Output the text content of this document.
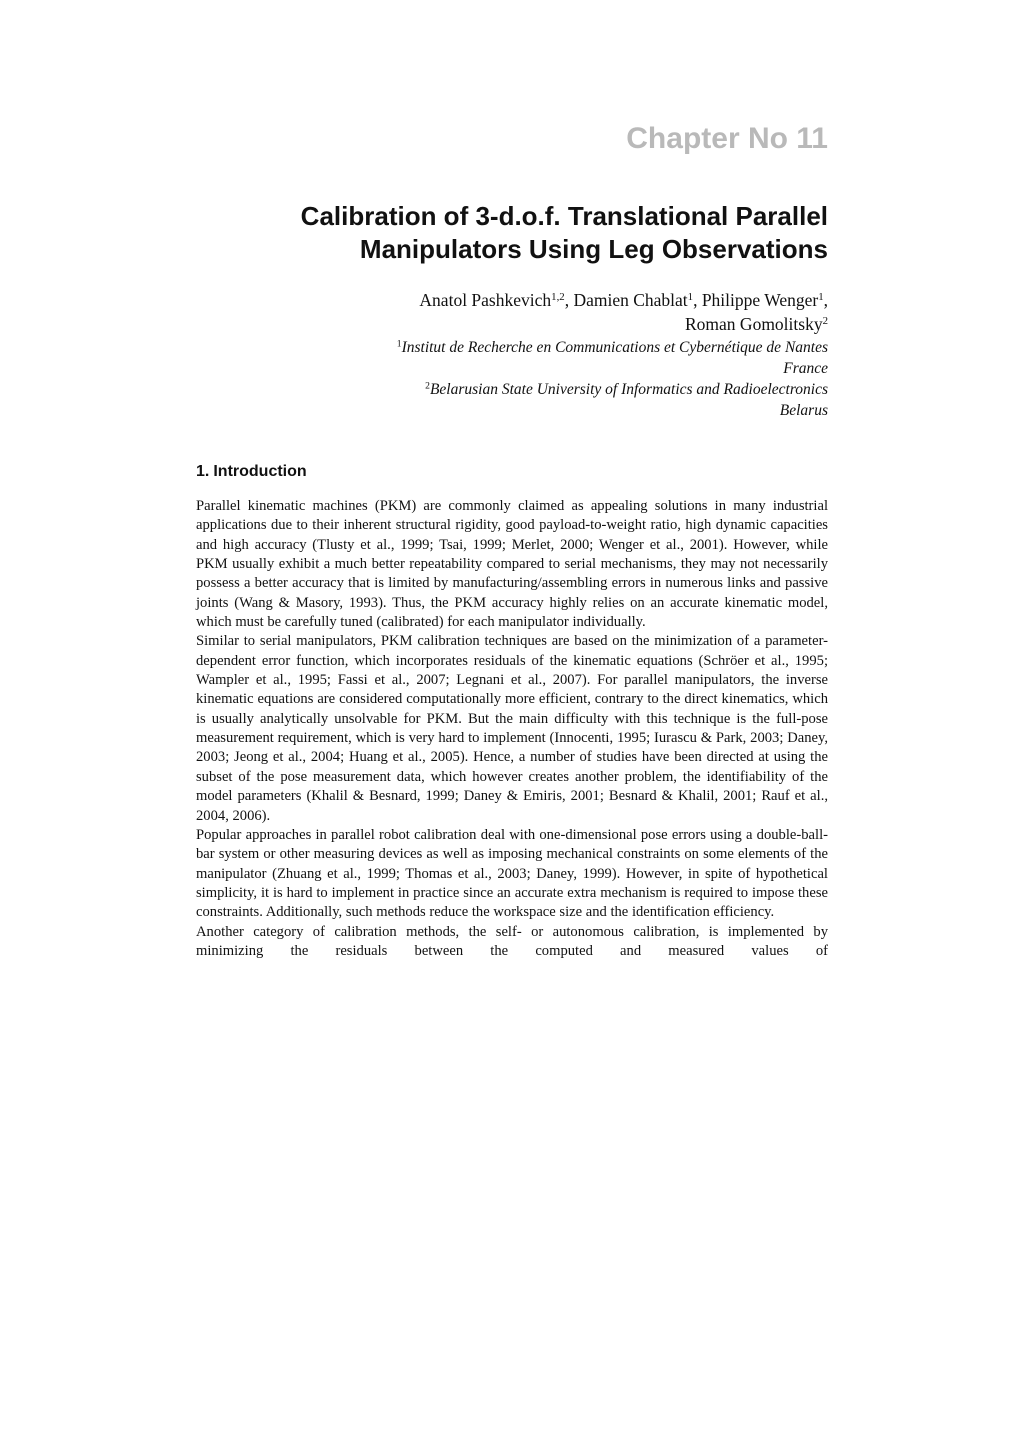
Chapter No 11
Calibration of 3-d.o.f. Translational Parallel
Manipulators Using Leg Observations
Anatol Pashkevich$^{1,2}$, Damien Chablat$^1$, Philippe Wenger$^1$,
Roman Gomolitsky$^2$
$^1$Institut de Recherche en Communications et Cybernétique de Nantes
France
$^2$Belarusian State University of Informatics and Radioelectronics
Belarus
1. Introduction

Parallel kinematic machines (PKM) are commonly claimed as appealing solutions in many industrial applications due to their inherent structural rigidity, good payload-to-weight ratio, high dynamic capacities and high accuracy (Tlusty et al., 1999; Tsai, 1999; Merlet, 2000; Wenger et al., 2001). However, while PKM usually exhibit a much better repeatability compared to serial mechanisms, they may not necessarily possess a better accuracy that is limited by manufacturing/assembling errors in numerous links and passive joints (Wang & Masory, 1993). Thus, the PKM accuracy highly relies on an accurate kinematic model, which must be carefully tuned (calibrated) for each manipulator individually.

Similar to serial manipulators, PKM calibration techniques are based on the minimization of a parameter-dependent error function, which incorporates residuals of the kinematic equations (Schröer et al., 1995; Wampler et al., 1995; Fassi et al., 2007; Legnani et al., 2007). For parallel manipulators, the inverse kinematic equations are considered computationally more efficient, contrary to the direct kinematics, which is usually analytically unsolvable for PKM. But the main difficulty with this technique is the full-pose measurement requirement, which is very hard to implement (Innocenti, 1995; Iurascu & Park, 2003; Daney, 2003; Jeong et al., 2004; Huang et al., 2005). Hence, a number of studies have been directed at using the subset of the pose measurement data, which however creates another problem, the identifiability of the model parameters (Khalil & Besnard, 1999; Daney & Emiris, 2001; Besnard & Khalil, 2001; Rauf et al., 2004, 2006).

Popular approaches in parallel robot calibration deal with one-dimensional pose errors using a double-ball-bar system or other measuring devices as well as imposing mechanical constraints on some elements of the manipulator (Zhuang et al., 1999; Thomas et al., 2003; Daney, 1999). However, in spite of hypothetical simplicity, it is hard to implement in practice since an accurate extra mechanism is required to impose these constraints. Additionally, such methods reduce the workspace size and the identification efficiency.

Another category of calibration methods, the self- or autonomous calibration, is implemented by minimizing the residuals between the computed and measured values of
